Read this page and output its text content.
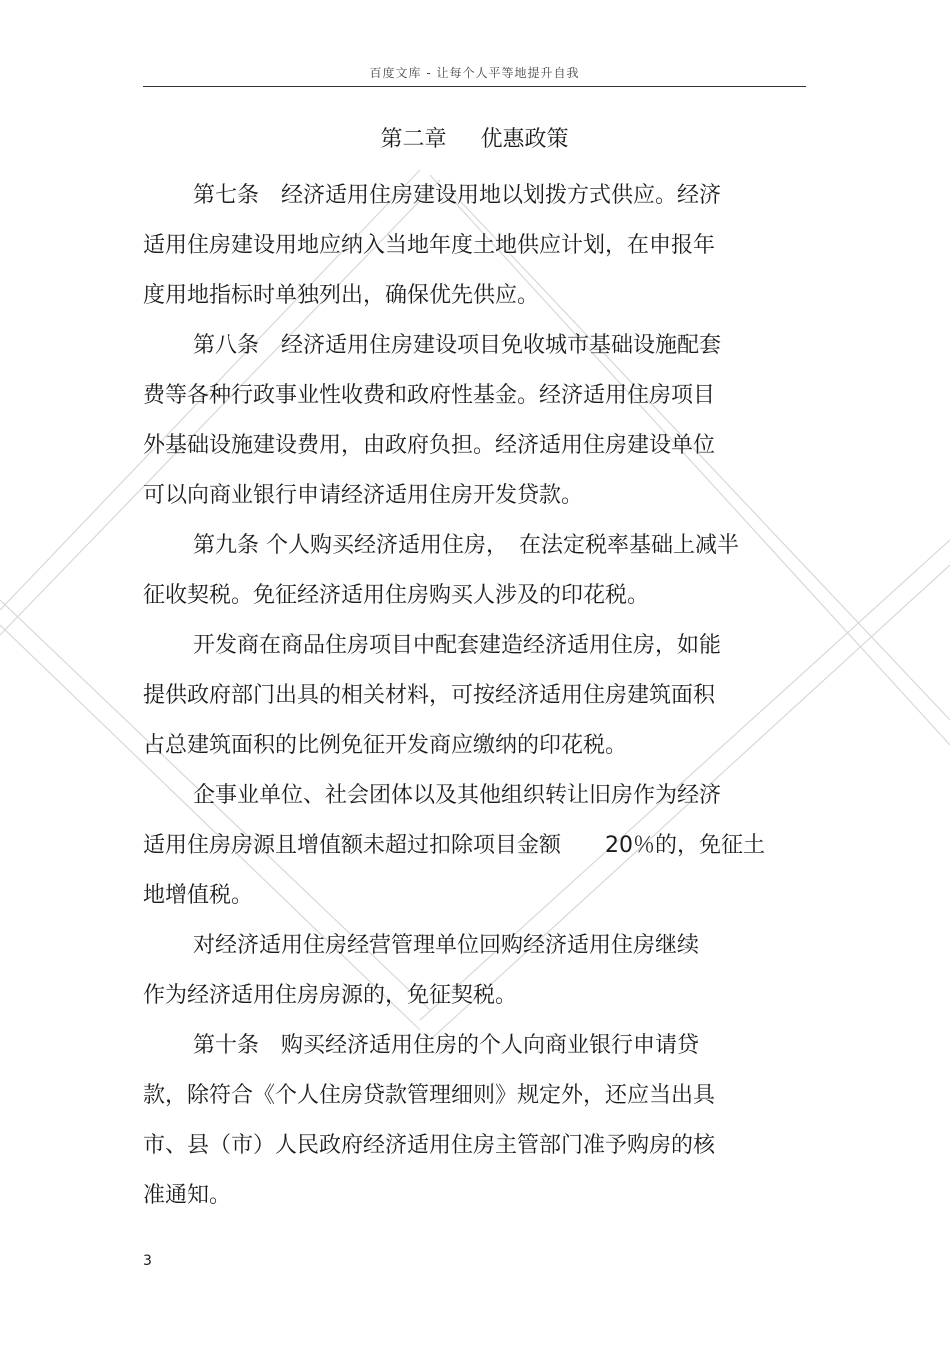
百度文库 - 让每个人平等地提升自我
第二章 优惠政策
第七条　经济适用住房建设用地以划拨方式供应。经济
适用住房建设用地应纳入当地年度土地供应计划，在申报年
度用地指标时单独列出，确保优先供应。
第八条　经济适用住房建设项目免收城市基础设施配套
费等各种行政事业性收费和政府性基金。经济适用住房项目
外基础设施建设费用，由政府负担。经济适用住房建设单位
可以向商业银行申请经济适用住房开发贷款。
第九条 个人购买经济适用住房，　在法定税率基础上减半
征收契税。免征经济适用住房购买人涉及的印花税。
开发商在商品住房项目中配套建造经济适用住房，如能
提供政府部门出具的相关材料，可按经济适用住房建筑面积
占总建筑面积的比例免征开发商应缴纳的印花税。
企事业单位、社会团体以及其他组织转让旧房作为经济
适用住房房源且增值额未超过扣除项目金额　　20％的，免征土
地增值税。
对经济适用住房经营管理单位回购经济适用住房继续
作为经济适用住房房源的，免征契税。
第十条　购买经济适用住房的个人向商业银行申请贷
款，除符合《个人住房贷款管理细则》规定外，还应当出具
市、县（市）人民政府经济适用住房主管部门准予购房的核
准通知。
3
